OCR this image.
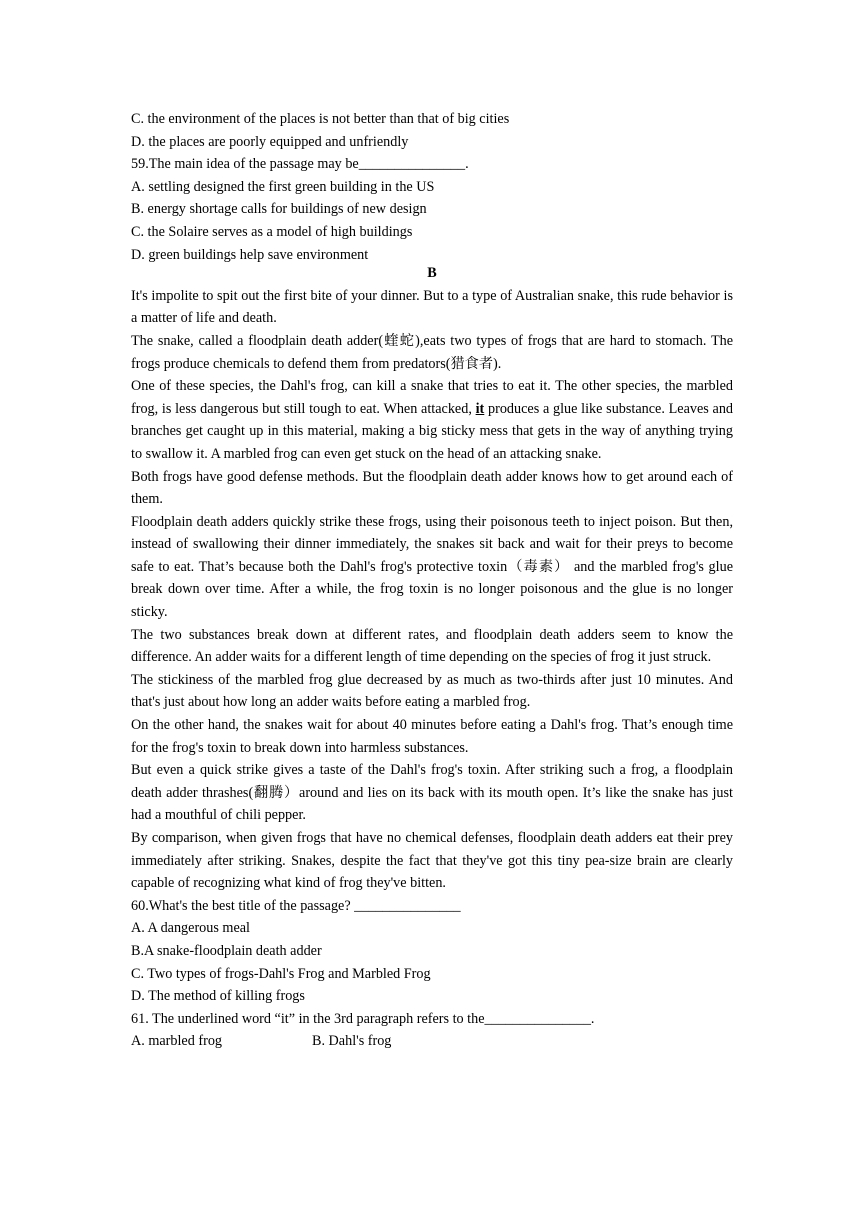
C. the environment of the places is not better than that of big cities
D. the places are poorly equipped and unfriendly
59.The main idea of the passage may be_______________.
A. settling designed the first green building in the US
B. energy shortage calls for buildings of new design
C. the Solaire serves as a model of high buildings
D. green buildings help save environment
B
It's impolite to spit out the first bite of your dinner. But to a type of Australian snake, this rude behavior is a matter of life and death.
The snake, called a floodplain death adder(蝰蛇),eats two types of frogs that are hard to stomach. The frogs produce chemicals to defend them from predators(猎食者).
One of these species, the Dahl's frog, can kill a snake that tries to eat it. The other species, the marbled frog, is less dangerous but still tough to eat. When attacked, it produces a glue like substance. Leaves and branches get caught up in this material, making a big sticky mess that gets in the way of anything trying to swallow it. A marbled frog can even get stuck on the head of an attacking snake.
Both frogs have good defense methods. But the floodplain death adder knows how to get around each of them.
Floodplain death adders quickly strike these frogs, using their poisonous teeth to inject poison. But then, instead of swallowing their dinner immediately, the snakes sit back and wait for their preys to become safe to eat. That’s because both the Dahl's frog's protective toxin（毒素） and the marbled frog's glue break down over time. After a while, the frog toxin is no longer poisonous and the glue is no longer sticky.
The two substances break down at different rates, and floodplain death adders seem to know the difference. An adder waits for a different length of time depending on the species of frog it just struck.
The stickiness of the marbled frog glue decreased by as much as two-thirds after just 10 minutes. And that's just about how long an adder waits before eating a marbled frog.
On the other hand, the snakes wait for about 40 minutes before eating a Dahl's frog. That’s enough time for the frog's toxin to break down into harmless substances.
But even a quick strike gives a taste of the Dahl's frog's toxin. After striking such a frog, a floodplain death adder thrashes(翻腾）around and lies on its back with its mouth open. It’s like the snake has just had a mouthful of chili pepper.
By comparison, when given frogs that have no chemical defenses, floodplain death adders eat their prey immediately after striking. Snakes, despite the fact that they've got this tiny pea-size brain are clearly capable of recognizing what kind of frog they've bitten.
60.What's the best title of the passage? _______________
A. A dangerous meal
B.A snake-floodplain death adder
C. Two types of frogs-Dahl's Frog and Marbled Frog
D. The method of killing frogs
61. The underlined word “it” in the 3rd paragraph refers to the_______________.
A. marbled frog	B. Dahl's frog
